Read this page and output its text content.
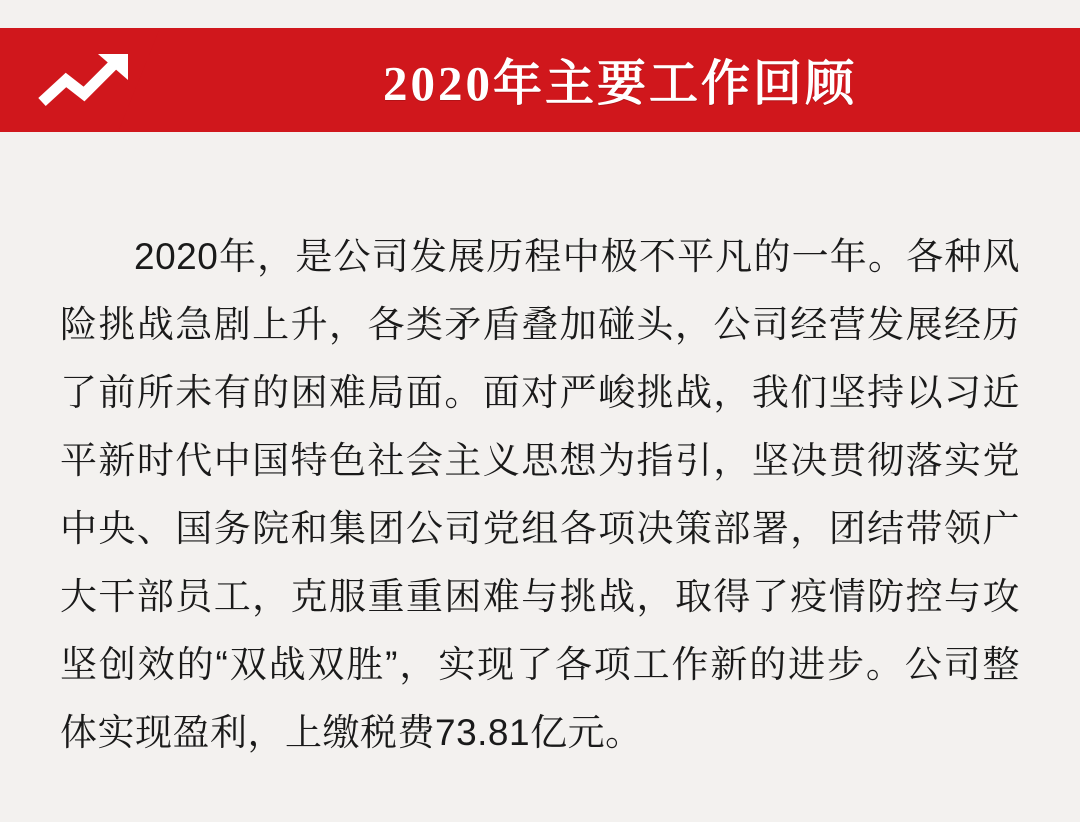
2020年主要工作回顾

2020年，是公司发展历程中极不平凡的一年。各种风险挑战急剧上升，各类矛盾叠加碰头，公司经营发展经历了前所未有的困难局面。面对严峻挑战，我们坚持以习近平新时代中国特色社会主义思想为指引，坚决贯彻落实党中央、国务院和集团公司党组各项决策部署，团结带领广大干部员工，克服重重困难与挑战，取得了疫情防控与攻坚创效的“双战双胜”，实现了各项工作新的进步。公司整体实现盈利，上缴税费73.81亿元。
